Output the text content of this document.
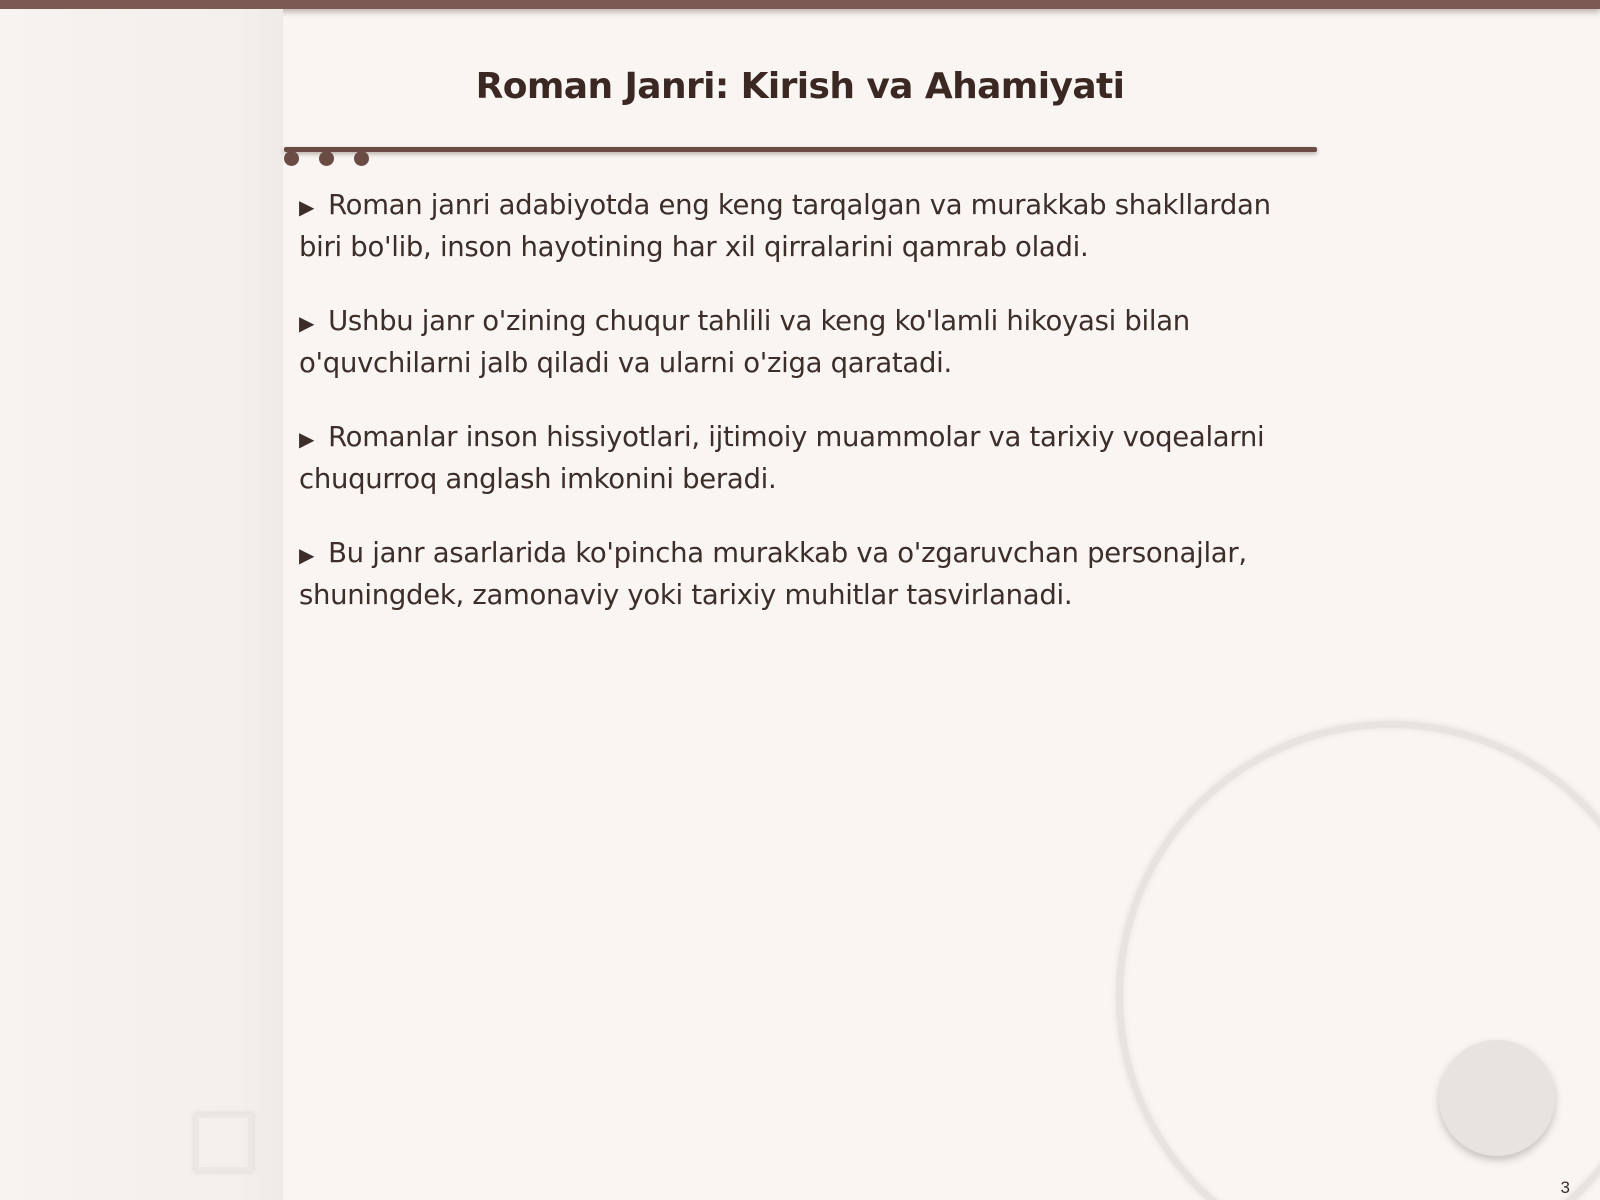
Roman Janri: Kirish va Ahamiyati
▶ Roman janri adabiyotda eng keng tarqalgan va murakkab shakllardan biri bo'lib, inson hayotining har xil qirralarini qamrab oladi.
▶ Ushbu janr o'zining chuqur tahlili va keng ko'lamli hikoyasi bilan o'quvchilarni jalb qiladi va ularni o'ziga qaratadi.
▶ Romanlar inson hissiyotlari, ijtimoiy muammolar va tarixiy voqealarni chuqurroq anglash imkonini beradi.
▶ Bu janr asarlarida ko'pincha murakkab va o'zgaruvchan personajlar, shuningdek, zamonaviy yoki tarixiy muhitlar tasvirlanadi.
3
